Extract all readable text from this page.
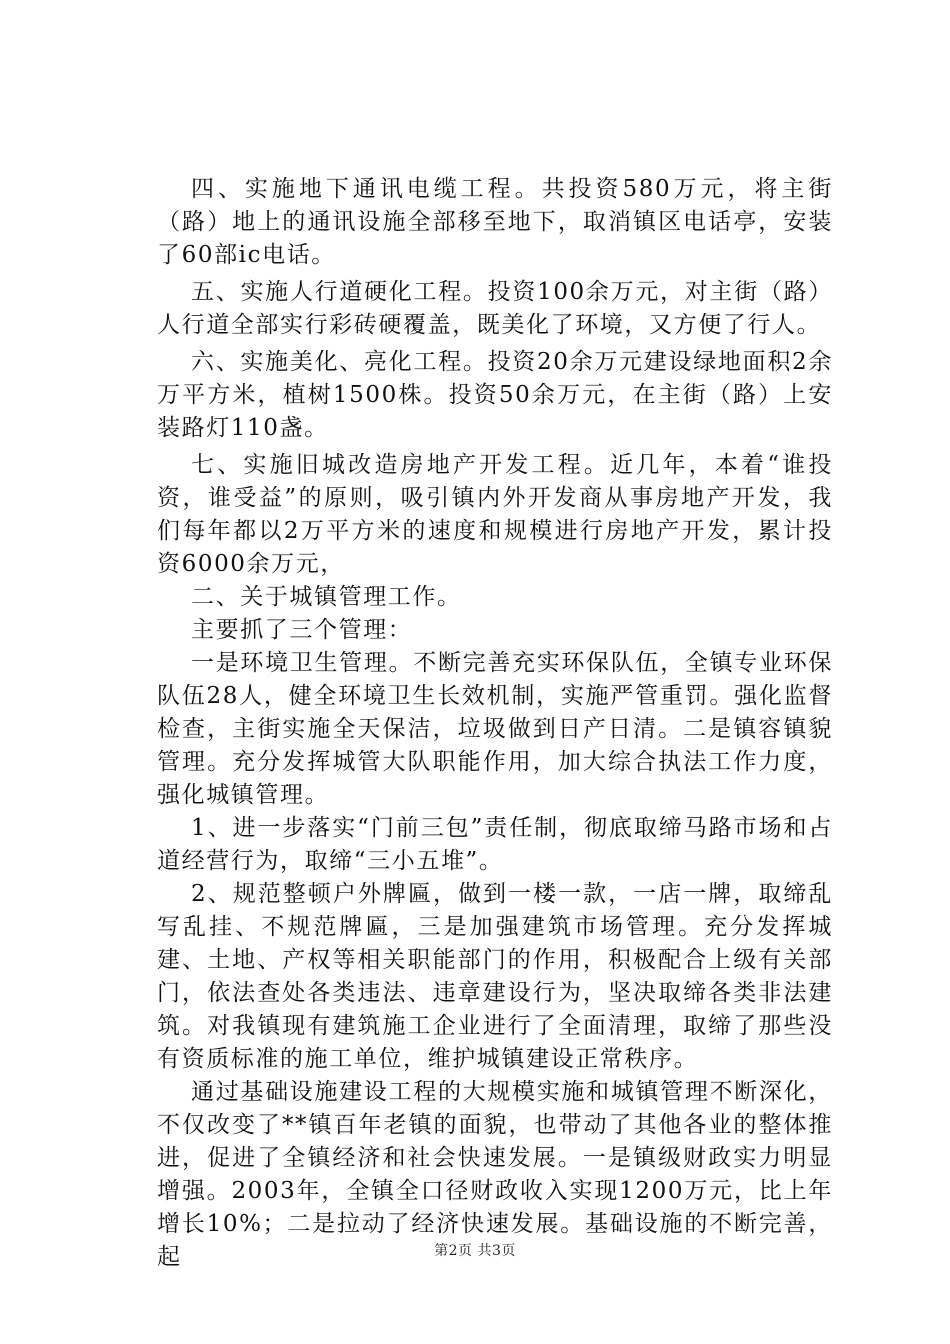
四、实施地下通讯电缆工程。共投资580万元，将主街（路）地上的通讯设施全部移至地下，取消镇区电话亭，安装了60部ic电话。

五、实施人行道硬化工程。投资100余万元，对主街（路）人行道全部实行彩砖硬覆盖，既美化了环境，又方便了行人。

六、实施美化、亮化工程。投资20余万元建设绿地面积2余万平方米，植树1500株。投资50余万元，在主街（路）上安装路灯110盏。

七、实施旧城改造房地产开发工程。近几年，本着“谁投资，谁受益”的原则，吸引镇内外开发商从事房地产开发，我们每年都以2万平方米的速度和规模进行房地产开发，累计投资6000余万元，

二、关于城镇管理工作。

主要抓了三个管理：

一是环境卫生管理。不断完善充实环保队伍，全镇专业环保队伍28人，健全环境卫生长效机制，实施严管重罚。强化监督检查，主街实施全天保洁，垃圾做到日产日清。二是镇容镇貌管理。充分发挥城管大队职能作用，加大综合执法工作力度，强化城镇管理。

1、进一步落实“门前三包”责任制，彻底取缔马路市场和占道经营行为，取缔“三小五堆”。

2、规范整顿户外牌匾，做到一楼一款，一店一牌，取缔乱写乱挂、不规范牌匾，三是加强建筑市场管理。充分发挥城建、土地、产权等相关职能部门的作用，积极配合上级有关部门，依法查处各类违法、违章建设行为，坚决取缔各类非法建筑。对我镇现有建筑施工企业进行了全面清理，取缔了那些没有资质标准的施工单位，维护城镇建设正常秩序。

通过基础设施建设工程的大规模实施和城镇管理不断深化，不仅改变了**镇百年老镇的面貌，也带动了其他各业的整体推进，促进了全镇经济和社会快速发展。一是镇级财政实力明显增强。2003年，全镇全口径财政收入实现1200万元，比上年增长10%；二是拉动了经济快速发展。基础设施的不断完善，起	第2页 共3页
